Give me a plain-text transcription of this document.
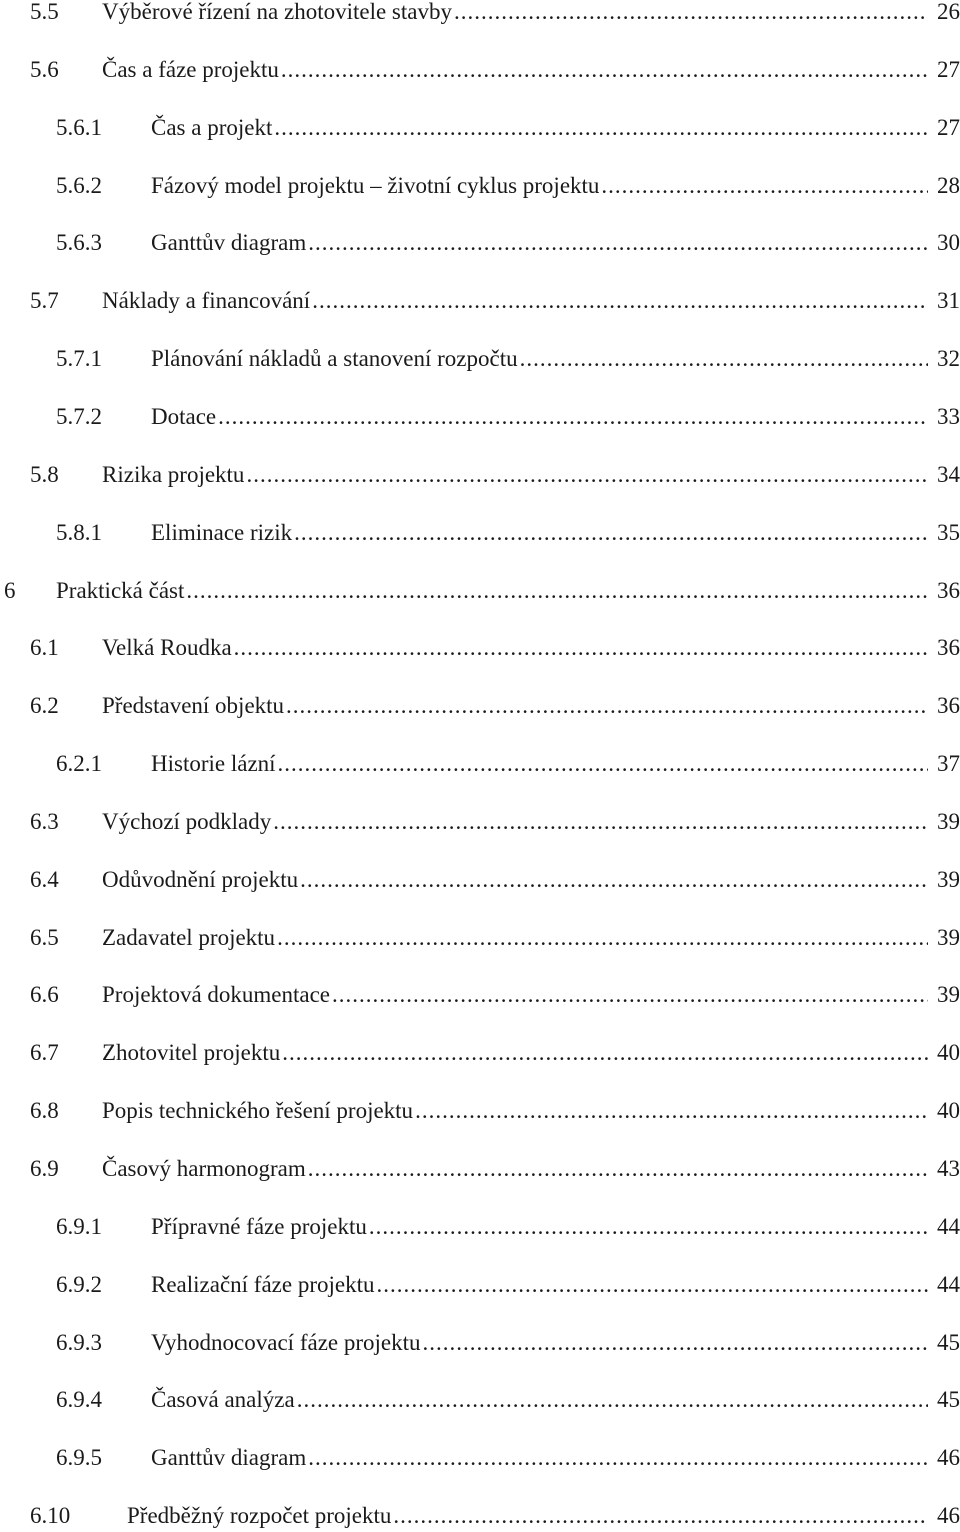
5.5 Výběrové řízení na zhotovitele stavby .....	26
5.6 Čas a fáze projektu .....	27
5.6.1 Čas a projekt .....	27
5.6.2 Fázový model projektu – životní cyklus projektu .....	28
5.6.3 Ganttův diagram .....	30
5.7 Náklady a financování .....	31
5.7.1 Plánování nákladů a stanovení rozpočtu .....	32
5.7.2 Dotace .....	33
5.8 Rizika projektu .....	34
5.8.1 Eliminace rizik .....	35
6 Praktická část .....	36
6.1 Velká Roudka .....	36
6.2 Představení objektu .....	36
6.2.1 Historie lázní .....	37
6.3 Výchozí podklady .....	39
6.4 Odůvodnění projektu .....	39
6.5 Zadavatel projektu .....	39
6.6 Projektová dokumentace .....	39
6.7 Zhotovitel projektu .....	40
6.8 Popis technického řešení projektu .....	40
6.9 Časový harmonogram .....	43
6.9.1 Přípravné fáze projektu .....	44
6.9.2 Realizační fáze projektu .....	44
6.9.3 Vyhodnocovací fáze projektu .....	45
6.9.4 Časová analýza .....	45
6.9.5 Ganttův diagram .....	46
6.10 Předběžný rozpočet projektu .....	46
